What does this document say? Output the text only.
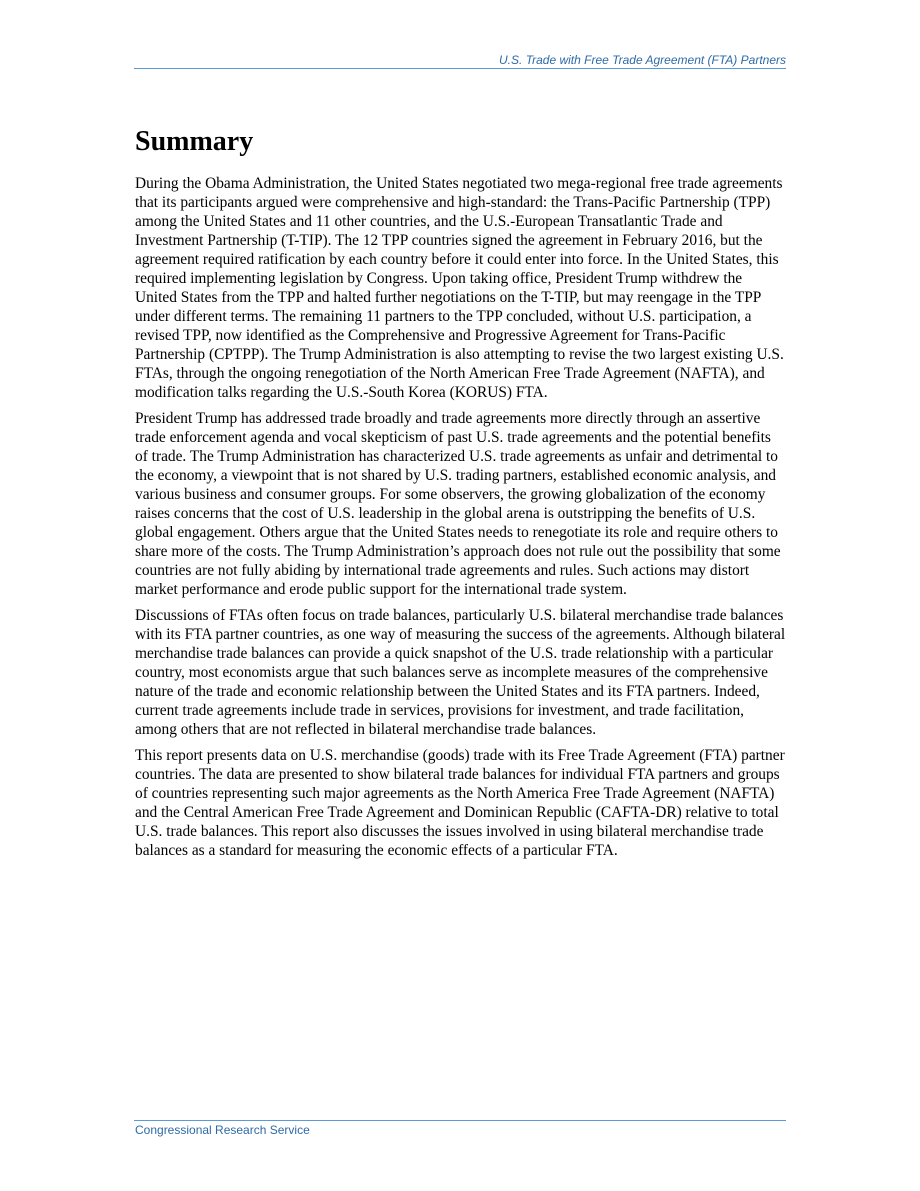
U.S. Trade with Free Trade Agreement (FTA) Partners
Summary

During the Obama Administration, the United States negotiated two mega-regional free trade agreements that its participants argued were comprehensive and high-standard: the Trans-Pacific Partnership (TPP) among the United States and 11 other countries, and the U.S.-European Transatlantic Trade and Investment Partnership (T-TIP). The 12 TPP countries signed the agreement in February 2016, but the agreement required ratification by each country before it could enter into force. In the United States, this required implementing legislation by Congress. Upon taking office, President Trump withdrew the United States from the TPP and halted further negotiations on the T-TIP, but may reengage in the TPP under different terms. The remaining 11 partners to the TPP concluded, without U.S. participation, a revised TPP, now identified as the Comprehensive and Progressive Agreement for Trans-Pacific Partnership (CPTPP). The Trump Administration is also attempting to revise the two largest existing U.S. FTAs, through the ongoing renegotiation of the North American Free Trade Agreement (NAFTA), and modification talks regarding the U.S.-South Korea (KORUS) FTA.

President Trump has addressed trade broadly and trade agreements more directly through an assertive trade enforcement agenda and vocal skepticism of past U.S. trade agreements and the potential benefits of trade. The Trump Administration has characterized U.S. trade agreements as unfair and detrimental to the economy, a viewpoint that is not shared by U.S. trading partners, established economic analysis, and various business and consumer groups. For some observers, the growing globalization of the economy raises concerns that the cost of U.S. leadership in the global arena is outstripping the benefits of U.S. global engagement. Others argue that the United States needs to renegotiate its role and require others to share more of the costs. The Trump Administration’s approach does not rule out the possibility that some countries are not fully abiding by international trade agreements and rules. Such actions may distort market performance and erode public support for the international trade system.

Discussions of FTAs often focus on trade balances, particularly U.S. bilateral merchandise trade balances with its FTA partner countries, as one way of measuring the success of the agreements. Although bilateral merchandise trade balances can provide a quick snapshot of the U.S. trade relationship with a particular country, most economists argue that such balances serve as incomplete measures of the comprehensive nature of the trade and economic relationship between the United States and its FTA partners. Indeed, current trade agreements include trade in services, provisions for investment, and trade facilitation, among others that are not reflected in bilateral merchandise trade balances.

This report presents data on U.S. merchandise (goods) trade with its Free Trade Agreement (FTA) partner countries. The data are presented to show bilateral trade balances for individual FTA partners and groups of countries representing such major agreements as the North America Free Trade Agreement (NAFTA) and the Central American Free Trade Agreement and Dominican Republic (CAFTA-DR) relative to total U.S. trade balances. This report also discusses the issues involved in using bilateral merchandise trade balances as a standard for measuring the economic effects of a particular FTA.

Congressional Research Service
